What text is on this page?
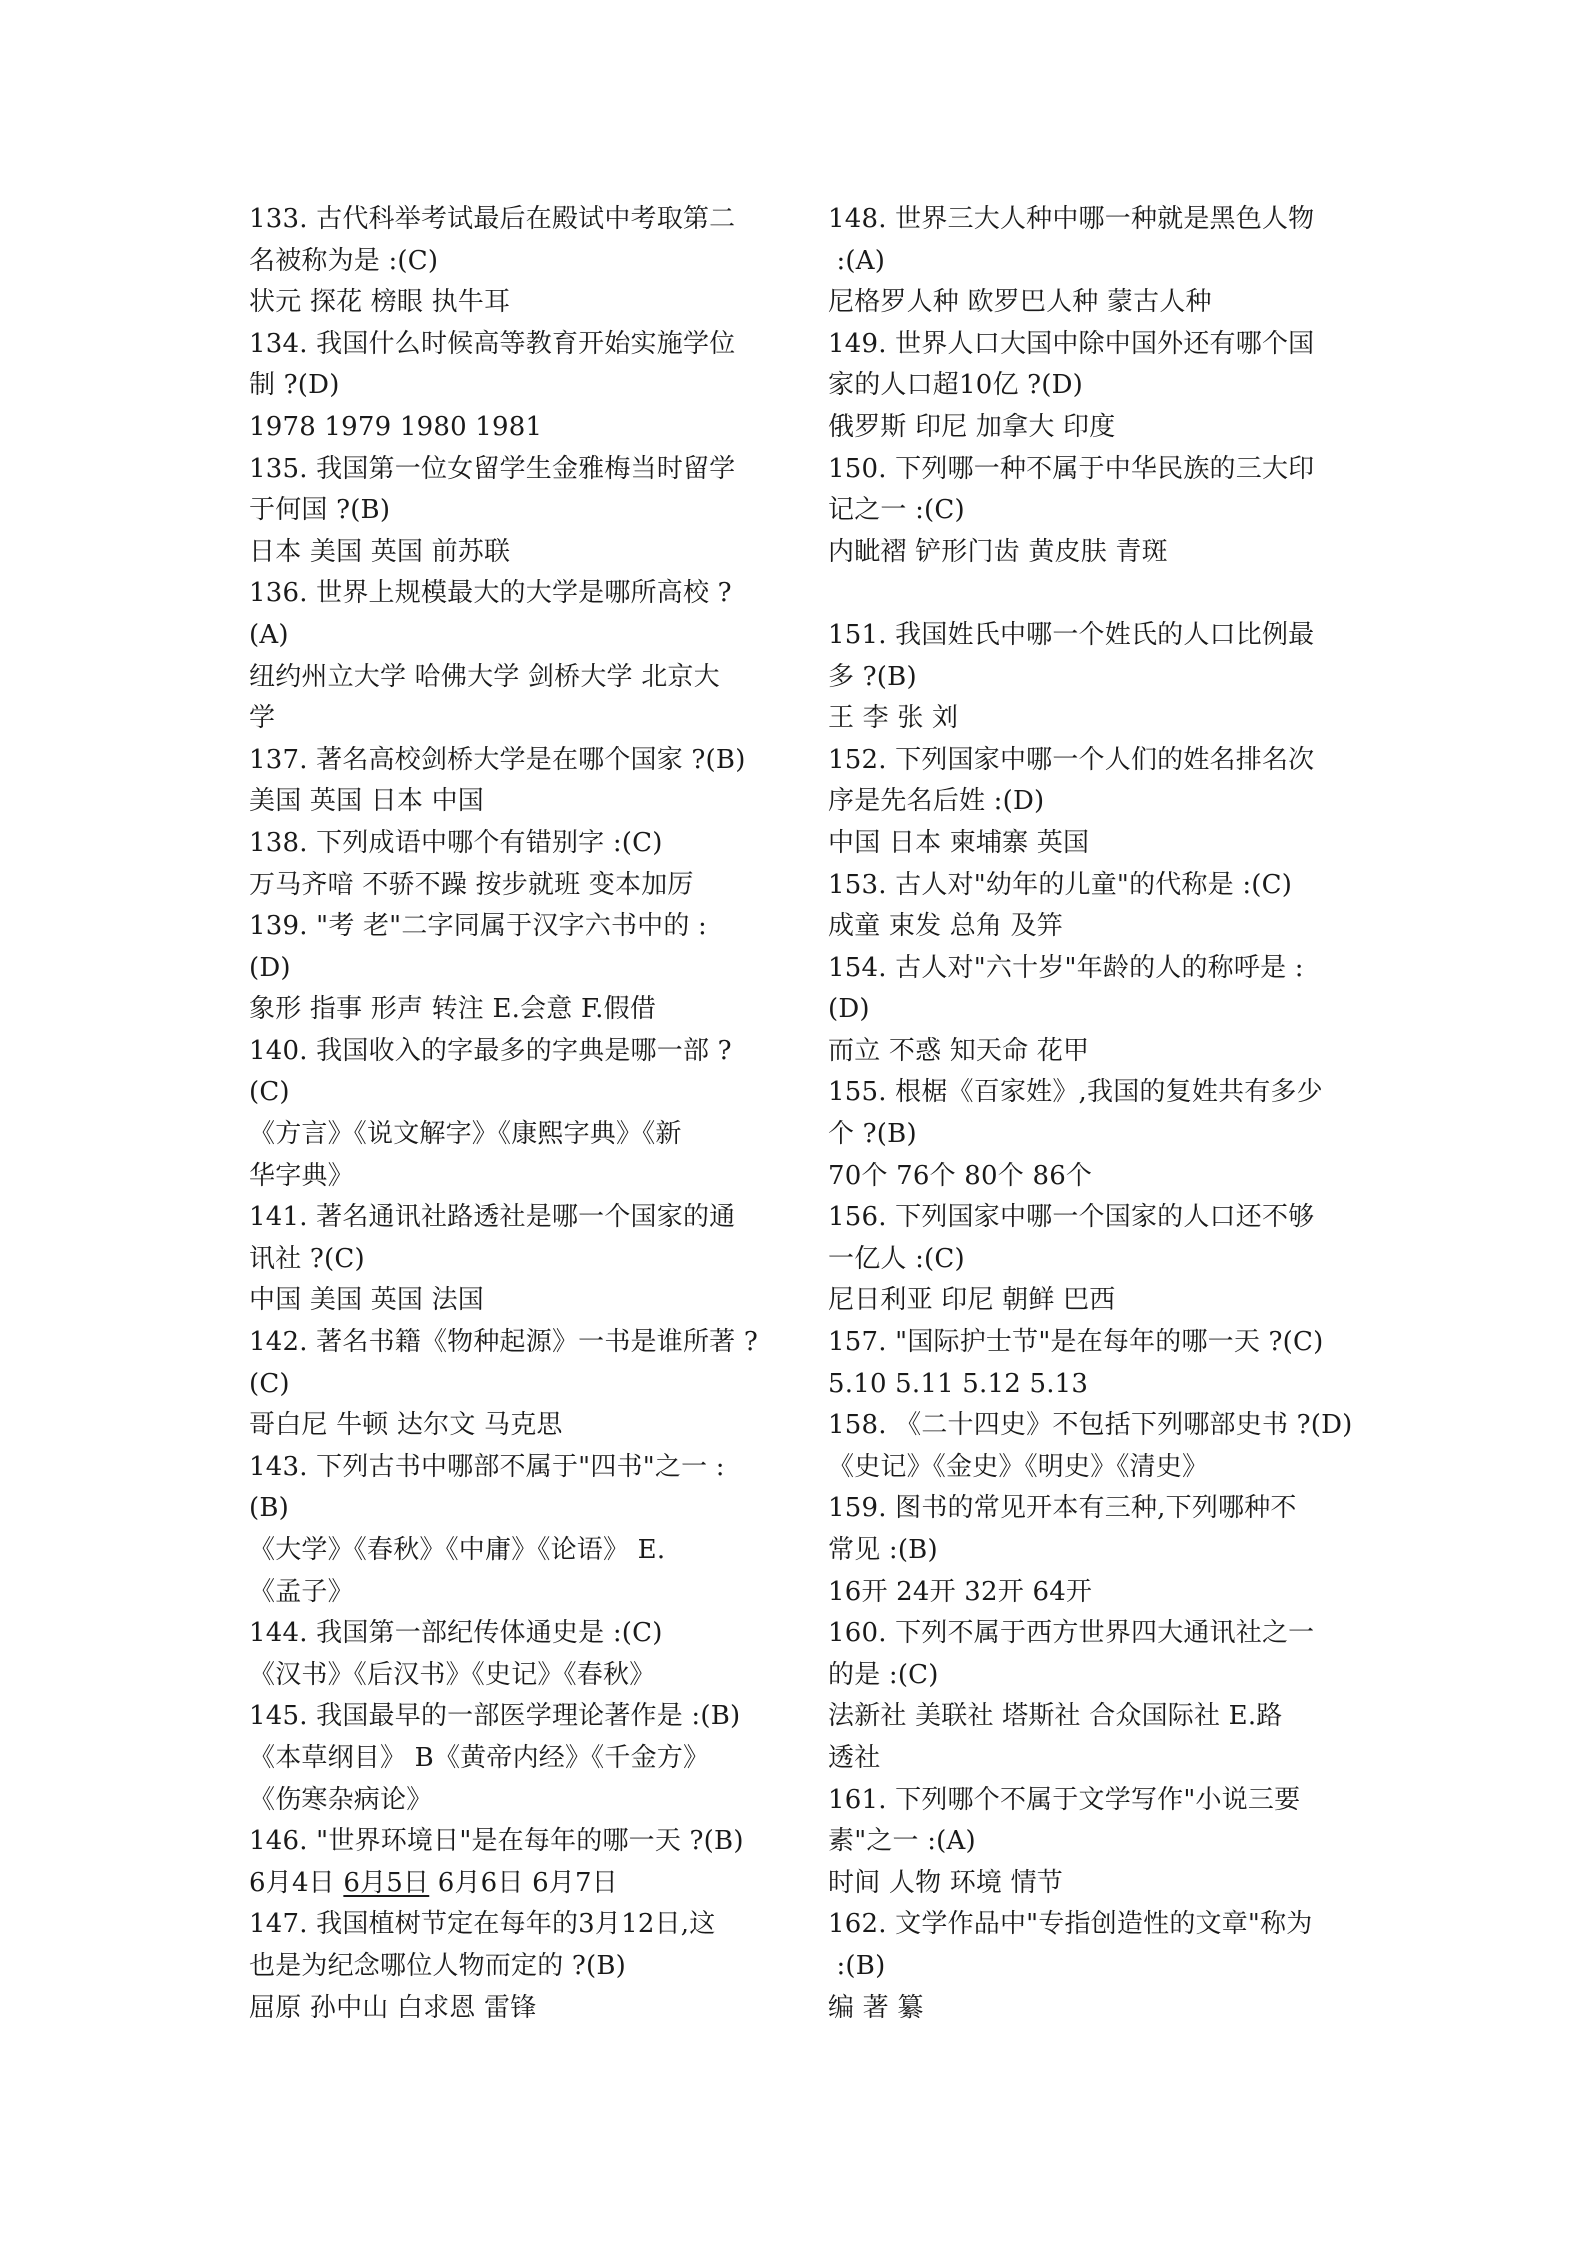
133. 古代科举考试最后在殿试中考取第二
名被称为是 :(C)
状元 探花 榜眼 执牛耳
134. 我国什么时候高等教育开始实施学位
制 ?(D)
1978 1979 1980 1981
135. 我国第一位女留学生金雅梅当时留学
于何国 ?(B)
日本 美国 英国 前苏联
136. 世界上规模最大的大学是哪所高校 ?
(A)
纽约州立大学 哈佛大学 剑桥大学 北京大
学
137. 著名高校剑桥大学是在哪个国家 ?(B)
美国 英国 日本 中国
138. 下列成语中哪个有错别字 :(C)
万马齐喑 不骄不躁 按步就班 变本加厉
139. "考 老"二字同属于汉字六书中的 :
(D)
象形 指事 形声 转注 E.会意 F.假借
140. 我国收入的字最多的字典是哪一部 ?
(C)
《方言》《说文解字》《康熙字典》《新
华字典》
141. 著名通讯社路透社是哪一个国家的通
讯社 ?(C)
中国 美国 英国 法国
142. 著名书籍《物种起源》一书是谁所著 ?
(C)
哥白尼 牛顿 达尔文 马克思
143. 下列古书中哪部不属于"四书"之一 :
(B)
《大学》《春秋》《中庸》《论语》 E.
《孟子》
144. 我国第一部纪传体通史是 :(C)
《汉书》《后汉书》《史记》《春秋》
145. 我国最早的一部医学理论著作是 :(B)
《本草纲目》 B《黄帝内经》《千金方》
《伤寒杂病论》
146. "世界环境日"是在每年的哪一天 ?(B)
6月4日 6月5日 6月6日 6月7日
147. 我国植树节定在每年的3月12日,这
也是为纪念哪位人物而定的 ?(B)
屈原 孙中山 白求恩 雷锋
148. 世界三大人种中哪一种就是黑色人物
:(A)
尼格罗人种 欧罗巴人种 蒙古人种
149. 世界人口大国中除中国外还有哪个国
家的人口超10亿 ?(D)
俄罗斯 印尼 加拿大 印度
150. 下列哪一种不属于中华民族的三大印
记之一 :(C)
内眦褶 铲形门齿 黄皮肤 青斑
151. 我国姓氏中哪一个姓氏的人口比例最
多 ?(B)
王 李 张 刘
152. 下列国家中哪一个人们的姓名排名次
序是先名后姓 :(D)
中国 日本 柬埔寨 英国
153. 古人对"幼年的儿童"的代称是 :(C)
成童 束发 总角 及笄
154. 古人对"六十岁"年龄的人的称呼是 :
(D)
而立 不惑 知天命 花甲
155. 根椐《百家姓》,我国的复姓共有多少
个 ?(B)
70个 76个 80个 86个
156. 下列国家中哪一个国家的人口还不够
一亿人 :(C)
尼日利亚 印尼 朝鲜 巴西
157. "国际护士节"是在每年的哪一天 ?(C)
5.10 5.11 5.12 5.13
158. 《二十四史》不包括下列哪部史书 ?(D)
《史记》《金史》《明史》《清史》
159. 图书的常见开本有三种,下列哪种不
常见 :(B)
16开 24开 32开 64开
160. 下列不属于西方世界四大通讯社之一
的是 :(C)
法新社 美联社 塔斯社 合众国际社 E.路
透社
161. 下列哪个不属于文学写作"小说三要
素"之一 :(A)
时间 人物 环境 情节
162. 文学作品中"专指创造性的文章"称为
:(B)
编 著 纂
